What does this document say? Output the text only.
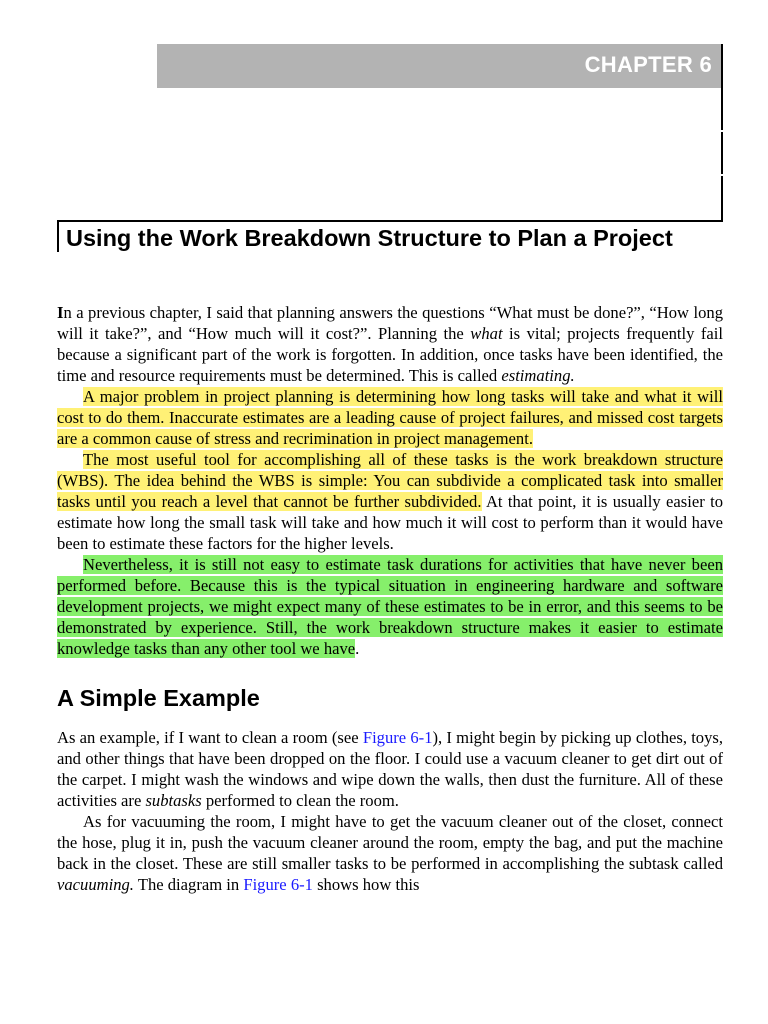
CHAPTER 6
Using the Work Breakdown Structure to Plan a Project

In a previous chapter, I said that planning answers the questions “What must be done?”, “How long will it take?”, and “How much will it cost?”. Planning the what is vital; projects frequently fail because a significant part of the work is forgotten. In addition, once tasks have been identified, the time and resource requirements must be determined. This is called estimating.

A major problem in project planning is determining how long tasks will take and what it will cost to do them. Inaccurate estimates are a leading cause of project failures, and missed cost targets are a common cause of stress and recrimination in project management.

The most useful tool for accomplishing all of these tasks is the work breakdown structure (WBS). The idea behind the WBS is simple: You can subdivide a complicated task into smaller tasks until you reach a level that cannot be further subdivided. At that point, it is usually easier to estimate how long the small task will take and how much it will cost to perform than it would have been to estimate these factors for the higher levels.

Nevertheless, it is still not easy to estimate task durations for activities that have never been performed before. Because this is the typical situation in engineering hardware and software development projects, we might expect many of these estimates to be in error, and this seems to be demonstrated by experience. Still, the work breakdown structure makes it easier to estimate knowledge tasks than any other tool we have.

A Simple Example

As an example, if I want to clean a room (see Figure 6-1), I might begin by picking up clothes, toys, and other things that have been dropped on the floor. I could use a vacuum cleaner to get dirt out of the carpet. I might wash the windows and wipe down the walls, then dust the furniture. All of these activities are subtasks performed to clean the room.

As for vacuuming the room, I might have to get the vacuum cleaner out of the closet, connect the hose, plug it in, push the vacuum cleaner around the room, empty the bag, and put the machine back in the closet. These are still smaller tasks to be performed in accomplishing the subtask called vacuuming. The diagram in Figure 6-1 shows how this
